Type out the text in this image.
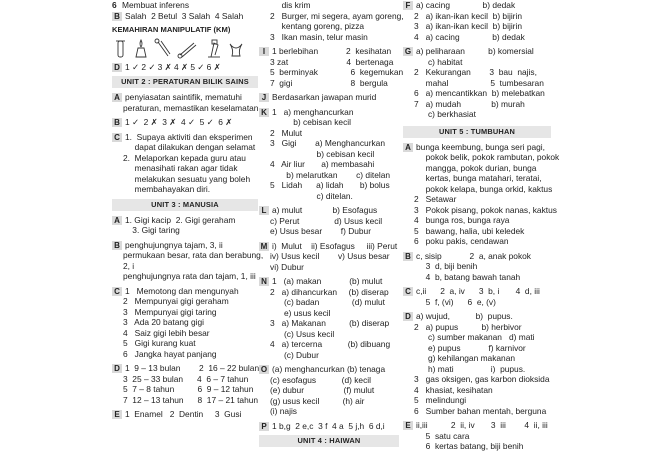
6 Membuat inferens
B Salah  2 Betul  3 Salah  4 Salah
KEMAHIRAN MANIPULATIF (KM)
D 1 ✓ 2 ✓ 3 ✗ 4 ✗ 5 ✓ 6 ✗
UNIT 2 : PERATURAN BILIK SAINS
A penyiasatan saintifik, mematuhi
peraturan, memastikan keselamatan
B 1 ✓  2 ✗  3 ✗  4 ✓  5 ✓  6 ✗
C 1.  Supaya aktiviti dan eksperimen
dapat dilakukan dengan selamat
2.  Melaporkan kepada guru atau
menasihati rakan agar tidak
melakukan sesuatu yang boleh
membahayakan diri.
UNIT 3 : MANUSIA
A 1. Gigi kacip  2. Gigi geraham
3. Gigi taring
B penghujungnya tajam, 3, ii
permukaan besar, rata dan berabung,
2, i
penghujungnya rata dan tajam, 1, iii
C 1   Memotong dan mengunyah
2   Mempunyai gigi geraham
3   Mempunyai gigi taring
3   Ada 20 batang gigi
4   Saiz gigi lebih besar
5   Gigi kurang kuat
6   Jangka hayat panjang
D 1  9 – 13 bulan        2  16 – 22 bulan
3  25 – 33 bulan      4  6 – 7 tahun
5  7 – 8 tahun          6  9 – 12 tahun
7  12 – 13 tahun      8  17 – 21 tahun
E 1  Enamel   2  Dentin     3  Gusi
dis krim
2   Burger, mi segera, ayam goreng,
kentang goreng, pizza
3   Ikan masin, telur masin
I 1 berlebihan            2  kesihatan
3 zat                         4  bertenaga
5  berminyak              6  kegemukan
7  gigi                         8  bergula
J Berdasarkan jawapan murid
K 1   a) menghancurkan
b) cebisan kecil
2   Mulut
3   Gigi        a) Menghancurkan
b) cebisan kecil
4   Air liur       a) membasahi
b) melarutkan        c) ditelan
5   Lidah      a) lidah       b) bolus
c) ditelan.
L a) mulut             b) Esofagus
c) Perut               d) Usus kecil
e) Usus besar        f) Dubur
M i)  Mulut    ii) Esofagus     iii) Perut
iv) Usus kecil        v) Usus besar
vi) Dubur
N 1   (a) makan            (b) mulut
2   a) dihancurkan     (b) diserap
(c) badan              (d) mulut
e) usus kecil
3   a) Makanan          (b) diserap
(c) Usus kecil
4   a) tercerna           (b) dibuang
(c) Dubur
O (a) menghancurkan (b) tenaga
(c) esofagus           (d) kecil
(e) dubur                 (f) mulut
(g) usus kecil          (h) air
(i) najis
P 1 b,g  2 e,c  3 f  4 a  5 j,h  6 d,i
UNIT 4 : HAIWAN
F a) cacing              b) dedak
2   a) ikan-ikan kecil  b) bijirin
3   a) ikan-ikan kecil  b) bijirin
4   a) cacing              b) dedak
G a) peliharaan          b) komersial
c) habitat
2   Kekurangan        3  bau  najis,
mahal                  5  tumbesaran
6   a) mencantikkan  b) melebatkan
7   a) mudah             b) murah
c) berkhasiat
UNIT 5 : TUMBUHAN
A bunga keembung, bunga seri pagi,
pokok belik, pokok rambutan, pokok
mangga, pokok durian, bunga
kertas, bunga matahari, teratai,
pokok kelapa, bunga orkid, kaktus
2   Setawar
3   Pokok pisang, pokok nanas, kaktus
4   bunga ros, bunga raya
5   bawang, halia, ubi keledek
6   poku pakis, cendawan
B c, sisip            2  a, anak pokok
3  d, biji benih
4  b, batang bawah tanah
C c,ii      2  a, iv      3  b, i       4  d, iii
5  f, (vi)      6  e, (v)
D a) wujud,           b)  pupus.
2   a) pupus          b) herbivor
c) sumber makanan   d) mati
e) pupus            f) karnivor
g) kehilangan makanan
h) mati                i)  pupus.
3   gas oksigen, gas karbon dioksida
4   khasiat, kesihatan
5   melindungi
6   Sumber bahan mentah, berguna
E ii,iii          2  ii, iv       3  iii        4  ii, iii
5  satu cara
6  kertas batang, biji benih
